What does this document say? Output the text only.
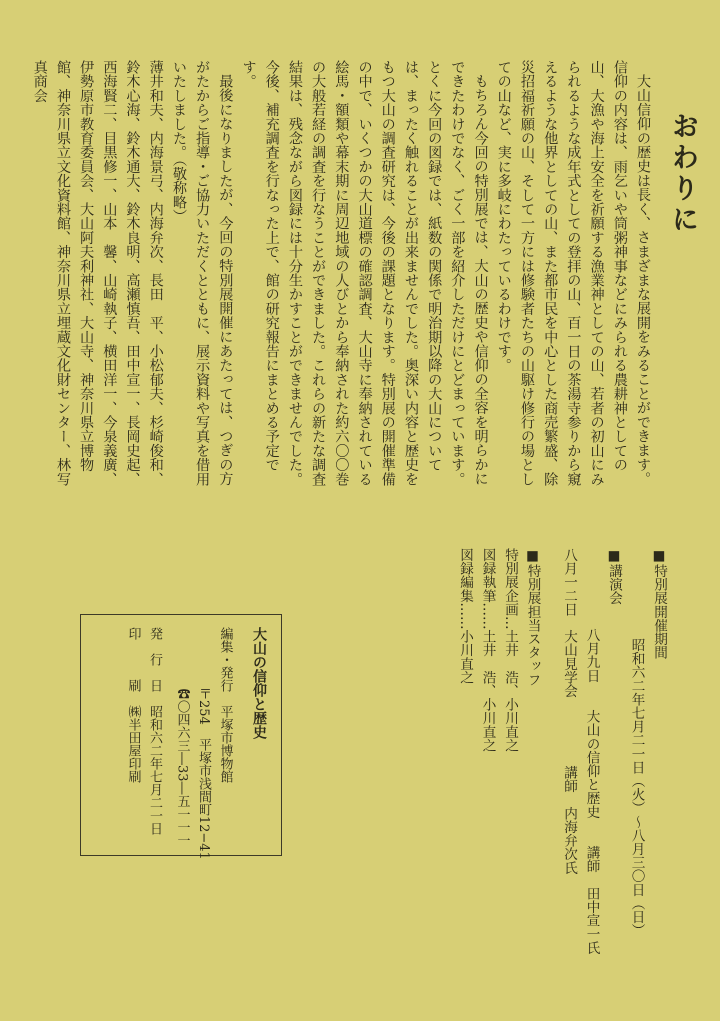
おわりに

大山信仰の歴史は長く、さまざまな展開をみることができます。信仰の内容は、雨乞いや筒粥神事などにみられる農耕神としての山、大漁や海上安全を祈願する漁業神としての山、若者の初山にみられるような成年式としての登拝の山、百一日の茶湯寺参りから窺えるような他界としての山、また都市民を中心とした商売繁盛、除災招福祈願の山、そして一方には修験者たちの山駆け修行の場としての山など、実に多岐にわたっているわけです。

もちろん今回の特別展では、大山の歴史や信仰の全容を明らかにできたわけでなく、ごく一部を紹介しただけにとどまっています。とくに今回の図録では、紙数の関係で明治期以降の大山については、まったく触れることが出来ませんでした。奥深い内容と歴史をもつ大山の調査研究は、今後の課題となります。特別展の開催準備の中で、いくつかの大山道標の確認調査、大山寺に奉納されている絵馬・額類や幕末期に周辺地域の人びとから奉納された約六〇〇巻の大般若経の調査を行なうことができました。これらの新たな調査結果は、残念ながら図録には十分生かすことができませんでした。今後、補充調査を行なった上で、館の研究報告にまとめる予定です。

最後になりましたが、今回の特別展開催にあたっては、つぎの方がたからご指導・ご協力いただくとともに、展示資料や写真を借用いたしました。（敬称略）

薄井和夫、内海景弓、内海弁次、長田　平、小松郁夫、杉崎俊和、鈴木心海、鈴木通大、鈴木良明、高瀬慎吾、田中宣一、長岡史起、西海賢二、目黒修一、山本　馨、山崎執子、横田洋一、今泉義廣、伊勢原市教育委員会、大山阿夫利神社、大山寺、神奈川県立博物館、神奈川県立文化資料館、神奈川県立埋蔵文化財センター、林写真商会

■特別展開催期間
昭和六二年七月二一日（火）〜八月三〇日（日）
■講演会
八月九日　　大山の信仰と歴史　　講師　田中宣一氏
八月一二日　大山見学会　　　　　講師　内海弁次氏
■特別展担当スタッフ
特別展企画…土井　浩、小川直之
図録執筆……土井　浩、小川直之
図録編集……小川直之
大山の信仰と歴史
編集・発行　平塚市博物館
〒254　平塚市浅間町12−41
☎〇四六三―33―五一一一
発　行　日　昭和六二年七月二一日
印　　　刷　㈱半田屋印刷
